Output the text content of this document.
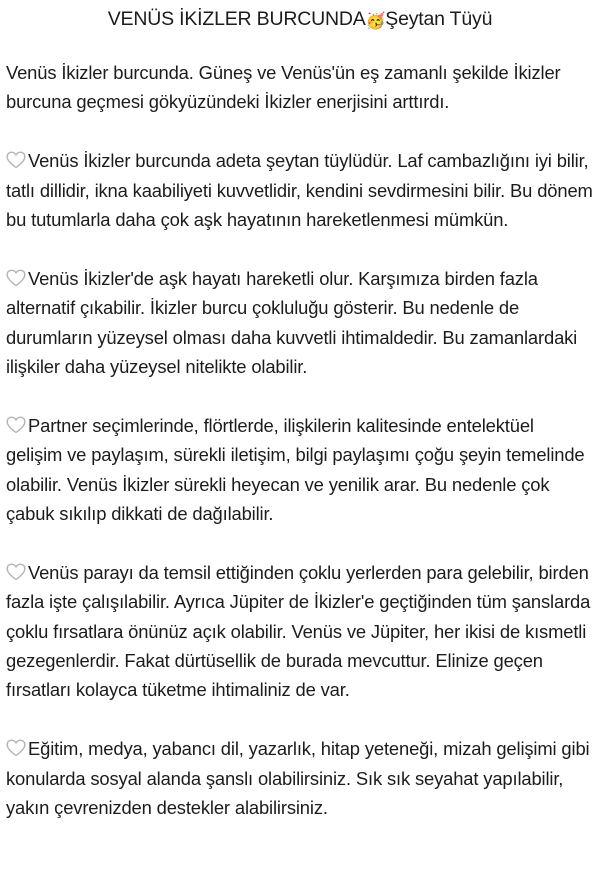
VENÜS İKİZLER BURCUNDA🥳Şeytan Tüyü

Venüs İkizler burcunda. Güneş ve Venüs'ün eş zamanlı şekilde İkizler burcuna geçmesi gökyüzündeki İkizler enerjisini arttırdı.

Venüs İkizler burcunda adeta şeytan tüylüdür. Laf cambazlığını iyi bilir, tatlı dillidir, ikna kaabiliyeti kuvvetlidir, kendini sevdirmesini bilir. Bu dönem bu tutumlarla daha çok aşk hayatının hareketlenmesi mümkün.

Venüs İkizler'de aşk hayatı hareketli olur. Karşımıza birden fazla alternatif çıkabilir. İkizler burcu çokluluğu gösterir. Bu nedenle de durumların yüzeysel olması daha kuvvetli ihtimaldedir. Bu zamanlardaki ilişkiler daha yüzeysel nitelikte olabilir.

Partner seçimlerinde, flörtlerde, ilişkilerin kalitesinde entelektüel gelişim ve paylaşım, sürekli iletişim, bilgi paylaşımı çoğu şeyin temelinde olabilir. Venüs İkizler sürekli heyecan ve yenilik arar. Bu nedenle çok çabuk sıkılıp dikkati de dağılabilir.

Venüs parayı da temsil ettiğinden çoklu yerlerden para gelebilir, birden fazla işte çalışılabilir. Ayrıca Jüpiter de İkizler'e geçtiğinden tüm şanslarda çoklu fırsatlara önünüz açık olabilir. Venüs ve Jüpiter, her ikisi de kısmetli gezegenlerdir. Fakat dürtüsellik de burada mevcuttur. Elinize geçen fırsatları kolayca tüketme ihtimaliniz de var.

Eğitim, medya, yabancı dil, yazarlık, hitap yeteneği, mizah gelişimi gibi konularda sosyal alanda şanslı olabilirsiniz. Sık sık seyahat yapılabilir, yakın çevrenizden destekler alabilirsiniz.
